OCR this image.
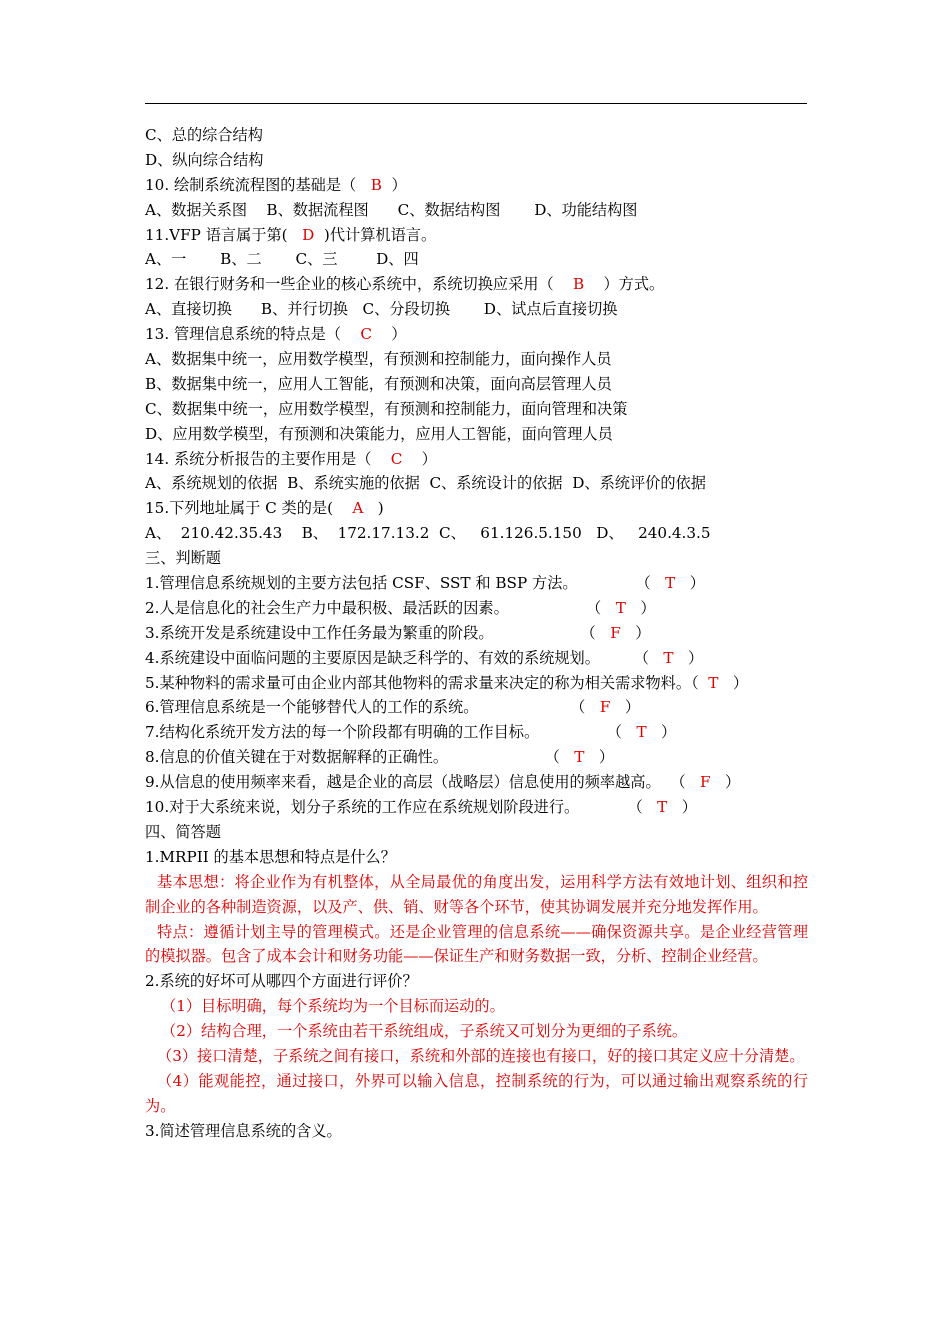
C、总的综合结构
D、纵向综合结构
10. 绘制系统流程图的基础是（   B  ）
A、数据关系图    B、数据流程图      C、数据结构图       D、功能结构图
11.VFP 语言属于第(   D  )代计算机语言。
A、一       B、二       C、三        D、四
12. 在银行财务和一些企业的核心系统中，系统切换应采用（    B    ）方式。
A、直接切换      B、并行切换   C、分段切换       D、试点后直接切换
13. 管理信息系统的特点是（    C    ）
A、数据集中统一，应用数学模型，有预测和控制能力，面向操作人员
B、数据集中统一，应用人工智能，有预测和决策，面向高层管理人员
C、数据集中统一，应用数学模型，有预测和控制能力，面向管理和决策
D、应用数学模型，有预测和决策能力，应用人工智能，面向管理人员
14. 系统分析报告的主要作用是（    C    ）
A、系统规划的依据  B、系统实施的依据  C、系统设计的依据  D、系统评价的依据
15.下列地址属于 C 类的是(    A   )
A、  210.42.35.43    B、  172.17.13.2  C、   61.126.5.150   D、   240.4.3.5
三、判断题
1.管理信息系统规划的主要方法包括 CSF、SST 和 BSP 方法。            （   T   ）
2.人是信息化的社会生产力中最积极、最活跃的因素。                （   T   ）
3.系统开发是系统建设中工作任务最为繁重的阶段。                  （   F   ）
4.系统建设中面临问题的主要原因是缺乏科学的、有效的系统规划。       （   T   ）
5.某种物料的需求量可由企业内部其他物料的需求量来决定的称为相关需求物料。（  T   ）
6.管理信息系统是一个能够替代人的工作的系统。                   （   F   ）
7.结构化系统开发方法的每一个阶段都有明确的工作目标。              （   T   ）
8.信息的价值关键在于对数据解释的正确性。                    （   T   ）
9.从信息的使用频率来看，越是企业的高层（战略层）信息使用的频率越高。  （   F   ）
10.对于大系统来说，划分子系统的工作应在系统规划阶段进行。          （   T   ）
四、简答题
1.MRPII 的基本思想和特点是什么？
基本思想：将企业作为有机整体，从全局最优的角度出发，运用科学方法有效地计划、组织和控制企业的各种制造资源，以及产、供、销、财等各个环节，使其协调发展并充分地发挥作用。
特点：遵循计划主导的管理模式。还是企业管理的信息系统——确保资源共享。是企业经营管理的模拟器。包含了成本会计和财务功能——保证生产和财务数据一致，分析、控制企业经营。
2.系统的好坏可从哪四个方面进行评价？
（1）目标明确，每个系统均为一个目标而运动的。
（2）结构合理，一个系统由若干系统组成，子系统又可划分为更细的子系统。
（3）接口清楚，子系统之间有接口，系统和外部的连接也有接口，好的接口其定义应十分清楚。
（4）能观能控，通过接口，外界可以输入信息，控制系统的行为，可以通过输出观察系统的行为。
3.简述管理信息系统的含义。
